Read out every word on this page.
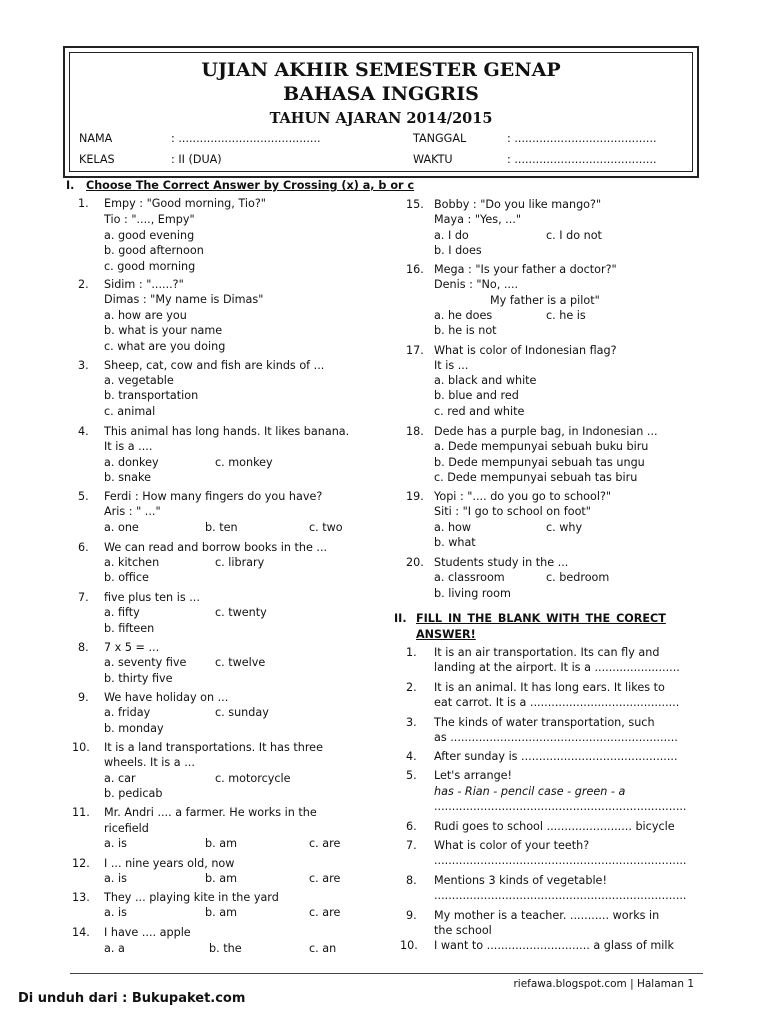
UJIAN AKHIR SEMESTER GENAP
BAHASA INGGRIS
TAHUN AJARAN 2014/2015
NAMA	: ........................................	TANGGAL	: ........................................
KELAS	: II (DUA)	WAKTU	: ........................................
I. Choose The Correct Answer by Crossing (x) a, b or c
1. Empy : "Good morning, Tio?"
Tio : "...., Empy"
a. good evening
b. good afternoon
c. good morning
2. Sidim : "......?"
Dimas : "My name is Dimas"
a. how are you
b. what is your name
c. what are you doing
3. Sheep, cat, cow and fish are kinds of ...
a. vegetable
b. transportation
c. animal
4. This animal has long hands. It likes banana.
It is a ....
a. donkey	c. monkey
b. snake
5. Ferdi : How many fingers do you have?
Aris : " ..."
a. one	b. ten	c. two
6. We can read and borrow books in the ...
a. kitchen	c. library
b. office
7. five plus ten is ...
a. fifty	c. twenty
b. fifteen
8. 7 x 5 = ...
a. seventy five	c. twelve
b. thirty five
9. We have holiday on ...
a. friday	c. sunday
b. monday
10. It is a land transportations. It has three
wheels. It is a ...
a. car	c. motorcycle
b. pedicab
11. Mr. Andri .... a farmer. He works in the
ricefield
a. is	b. am	c. are
12. I ... nine years old, now
a. is	b. am	c. are
13. They ... playing kite in the yard
a. is	b. am	c. are
14. I have .... apple
a. a	b. the	c. an
15. Bobby : "Do you like mango?"
Maya : "Yes, ..."
a. I do	c. I do not
b. I does
16. Mega : "Is your father a doctor?"
Denis : "No, ....
My father is a pilot"
a. he does	c. he is
b. he is not
17. What is color of Indonesian flag?
It is ...
a. black and white
b. blue and red
c. red and white
18. Dede has a purple bag, in Indonesian ...
a. Dede mempunyai sebuah buku biru
b. Dede mempunyai sebuah tas ungu
c. Dede mempunyai sebuah tas biru
19. Yopi : ".... do you go to school?"
Siti : "I go to school on foot"
a. how	c. why
b. what
20. Students study in the ...
a. classroom	c. bedroom
b. living room
II. FILL IN THE BLANK WITH THE CORECT
ANSWER!
1. It is an air transportation. Its can fly and
landing at the airport. It is a ........................
2. It is an animal. It has long ears. It likes to
eat carrot. It is a ..........................................
3. The kinds of water transportation, such
as ................................................................
4. After sunday is ............................................
5. Let's arrange!
has - Rian - pencil case - green - a
.......................................................................
6. Rudi goes to school ........................ bicycle
7. What is color of your teeth?
.......................................................................
8. Mentions 3 kinds of vegetable!
.......................................................................
9. My mother is a teacher. ........... works in
the school
10. I want to ............................. a glass of milk
riefawa.blogspot.com | Halaman 1
Di unduh dari : Bukupaket.com
